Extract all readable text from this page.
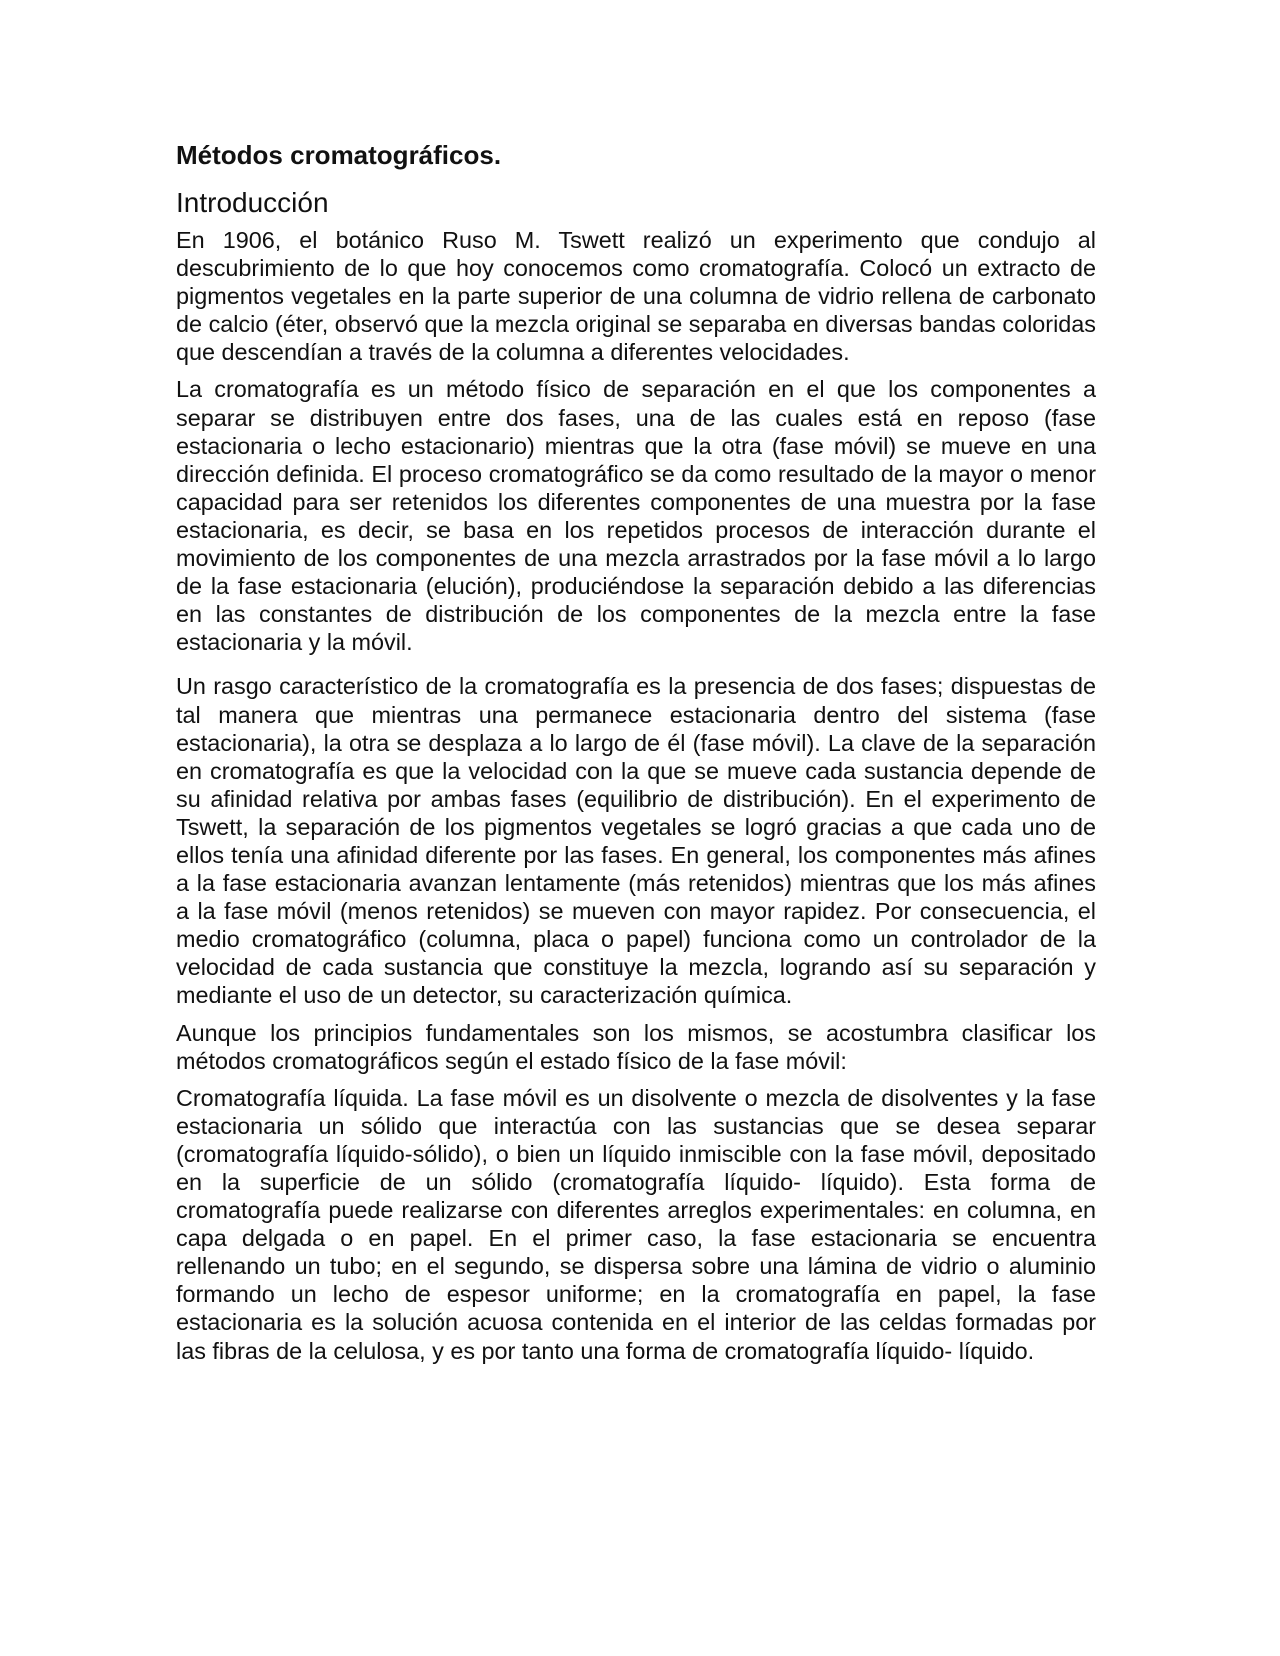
Métodos cromatográficos.
Introducción

En 1906, el botánico Ruso M. Tswett realizó un experimento que condujo al descubrimiento de lo que hoy conocemos como cromatografía. Colocó un extracto de pigmentos vegetales en la parte superior de una columna de vidrio rellena de carbonato de calcio (éter, observó que la mezcla original se separaba en diversas bandas coloridas que descendían a través de la columna a diferentes velocidades.

La cromatografía es un método físico de separación en el que los componentes a separar se distribuyen entre dos fases, una de las cuales está en reposo (fase estacionaria o lecho estacionario) mientras que la otra (fase móvil) se mueve en una dirección definida. El proceso cromatográfico se da como resultado de la mayor o menor capacidad para ser retenidos los diferentes componentes de una muestra por la fase estacionaria, es decir, se basa en los repetidos procesos de interacción durante el movimiento de los componentes de una mezcla arrastrados por la fase móvil a lo largo de la fase estacionaria (elución), produciéndose la separación debido a las diferencias en las constantes de distribución de los componentes de la mezcla entre la fase estacionaria y la móvil.

Un rasgo característico de la cromatografía es la presencia de dos fases; dispuestas de tal manera que mientras una permanece estacionaria dentro del sistema (fase estacionaria), la otra se desplaza a lo largo de él (fase móvil). La clave de la separación en cromatografía es que la velocidad con la que se mueve cada sustancia depende de su afinidad relativa por ambas fases (equilibrio de distribución). En el experimento de Tswett, la separación de los pigmentos vegetales se logró gracias a que cada uno de ellos tenía una afinidad diferente por las fases. En general, los componentes más afines a la fase estacionaria avanzan lentamente (más retenidos) mientras que los más afines a la fase móvil (menos retenidos) se mueven con mayor rapidez. Por consecuencia, el medio cromatográfico (columna, placa o papel) funciona como un controlador de la velocidad de cada sustancia que constituye la mezcla, logrando así su separación y mediante el uso de un detector, su caracterización química.

Aunque los principios fundamentales son los mismos, se acostumbra clasificar los métodos cromatográficos según el estado físico de la fase móvil:

Cromatografía líquida. La fase móvil es un disolvente o mezcla de disolventes y la fase estacionaria un sólido que interactúa con las sustancias que se desea separar (cromatografía líquido-sólido), o bien un líquido inmiscible con la fase móvil, depositado en la superficie de un sólido (cromatografía líquido- líquido). Esta forma de cromatografía puede realizarse con diferentes arreglos experimentales: en columna, en capa delgada o en papel. En el primer caso, la fase estacionaria se encuentra rellenando un tubo; en el segundo, se dispersa sobre una lámina de vidrio o aluminio formando un lecho de espesor uniforme; en la cromatografía en papel, la fase estacionaria es la solución acuosa contenida en el interior de las celdas formadas por las fibras de la celulosa, y es por tanto una forma de cromatografía líquido- líquido.
